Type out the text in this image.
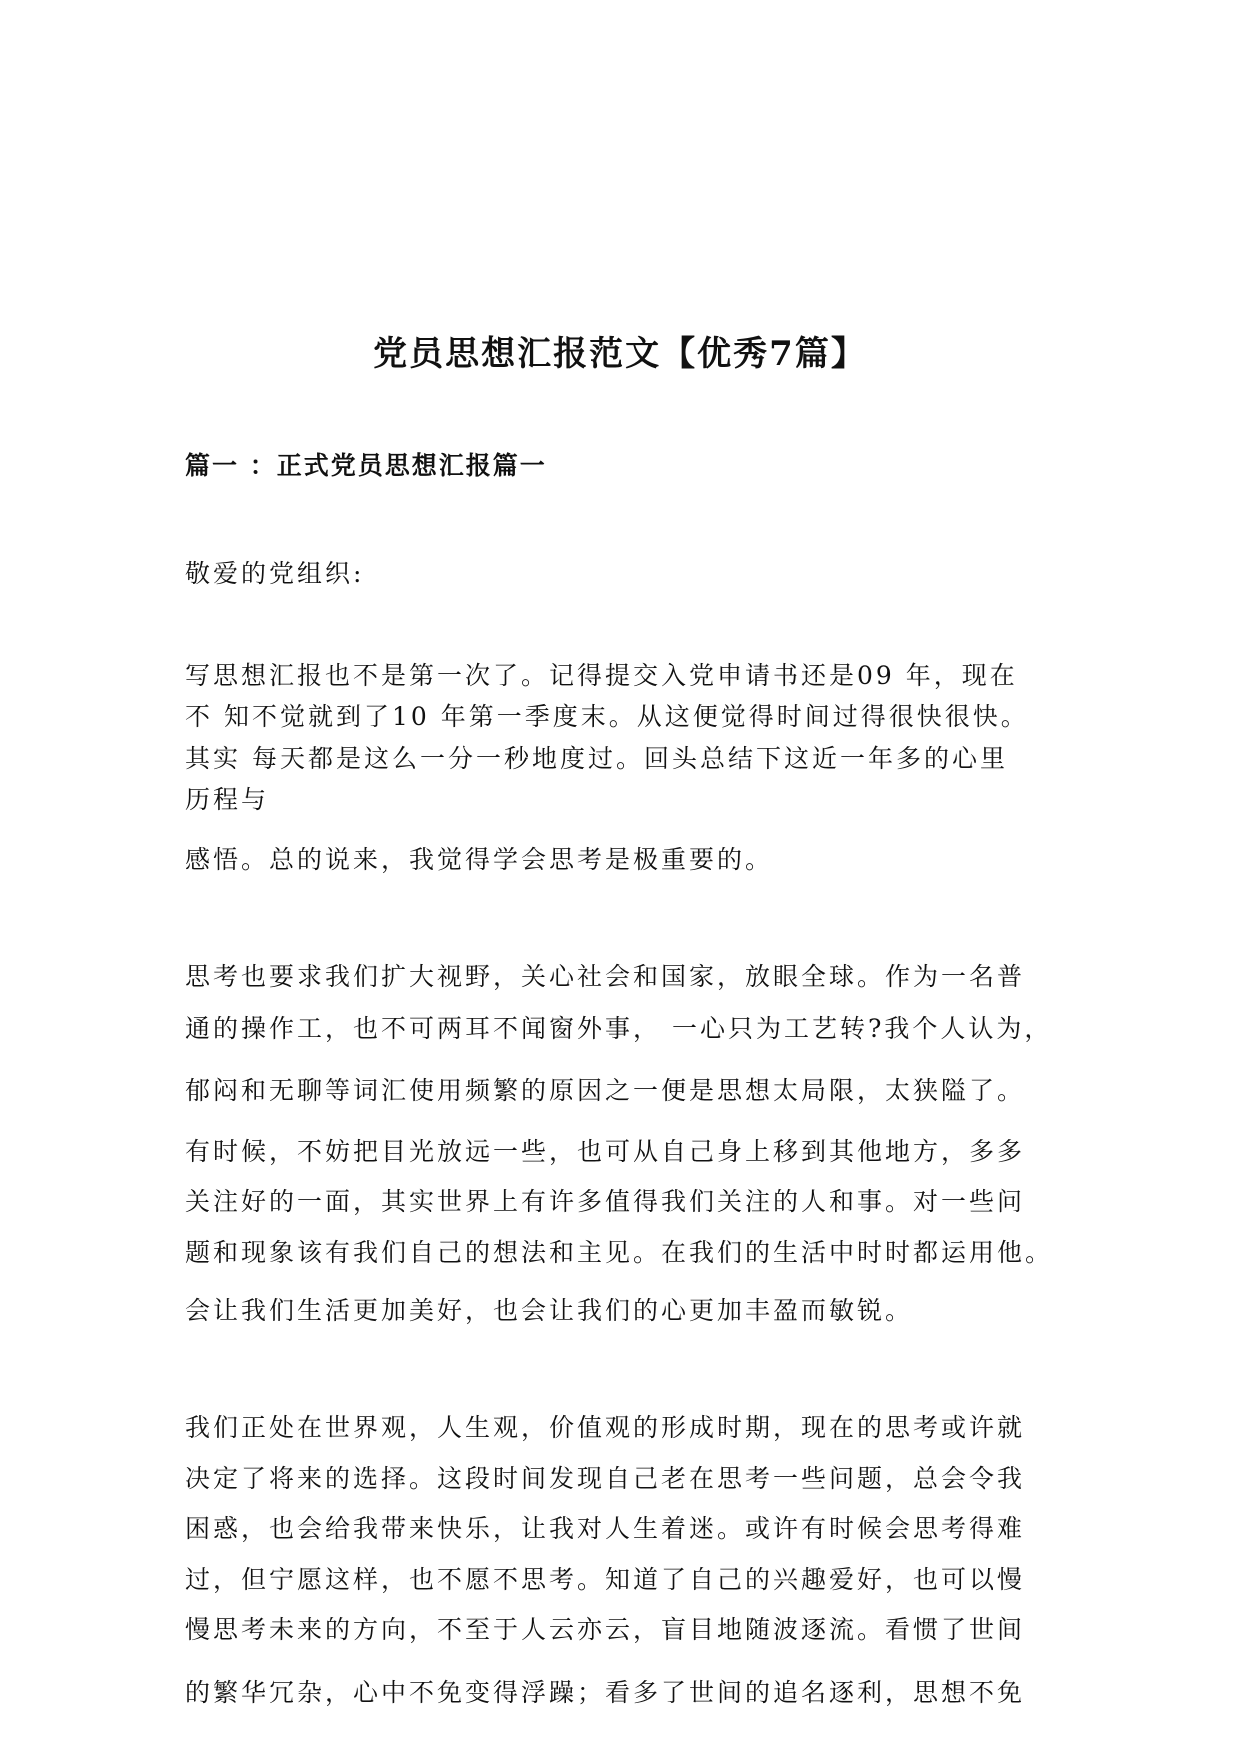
党员思想汇报范文【优秀7篇】
篇一 ：正式党员思想汇报篇一
敬爱的党组织:
写思想汇报也不是第一次了。记得提交入党申请书还是09 年，现在
不 知不觉就到了10 年第一季度末。从这便觉得时间过得很快很快。
其实 每天都是这么一分一秒地度过。回头总结下这近一年多的心里
历程与
感悟。总的说来，我觉得学会思考是极重要的。
思考也要求我们扩大视野，关心社会和国家，放眼全球。作为一名普
通的操作工，也不可两耳不闻窗外事， 一心只为工艺转?我个人认为，
郁闷和无聊等词汇使用频繁的原因之一便是思想太局限，太狭隘了。
有时候，不妨把目光放远一些，也可从自己身上移到其他地方，多多
关注好的一面，其实世界上有许多值得我们关注的人和事。对一些问
题和现象该有我们自己的想法和主见。在我们的生活中时时都运用他。
会让我们生活更加美好，也会让我们的心更加丰盈而敏锐。
我们正处在世界观，人生观，价值观的形成时期，现在的思考或许就
决定了将来的选择。这段时间发现自己老在思考一些问题，总会令我
困惑，也会给我带来快乐，让我对人生着迷。或许有时候会思考得难
过，但宁愿这样，也不愿不思考。知道了自己的兴趣爱好，也可以慢
慢思考未来的方向，不至于人云亦云，盲目地随波逐流。看惯了世间
的繁华冗杂，心中不免变得浮躁；看多了世间的追名逐利，思想不免
